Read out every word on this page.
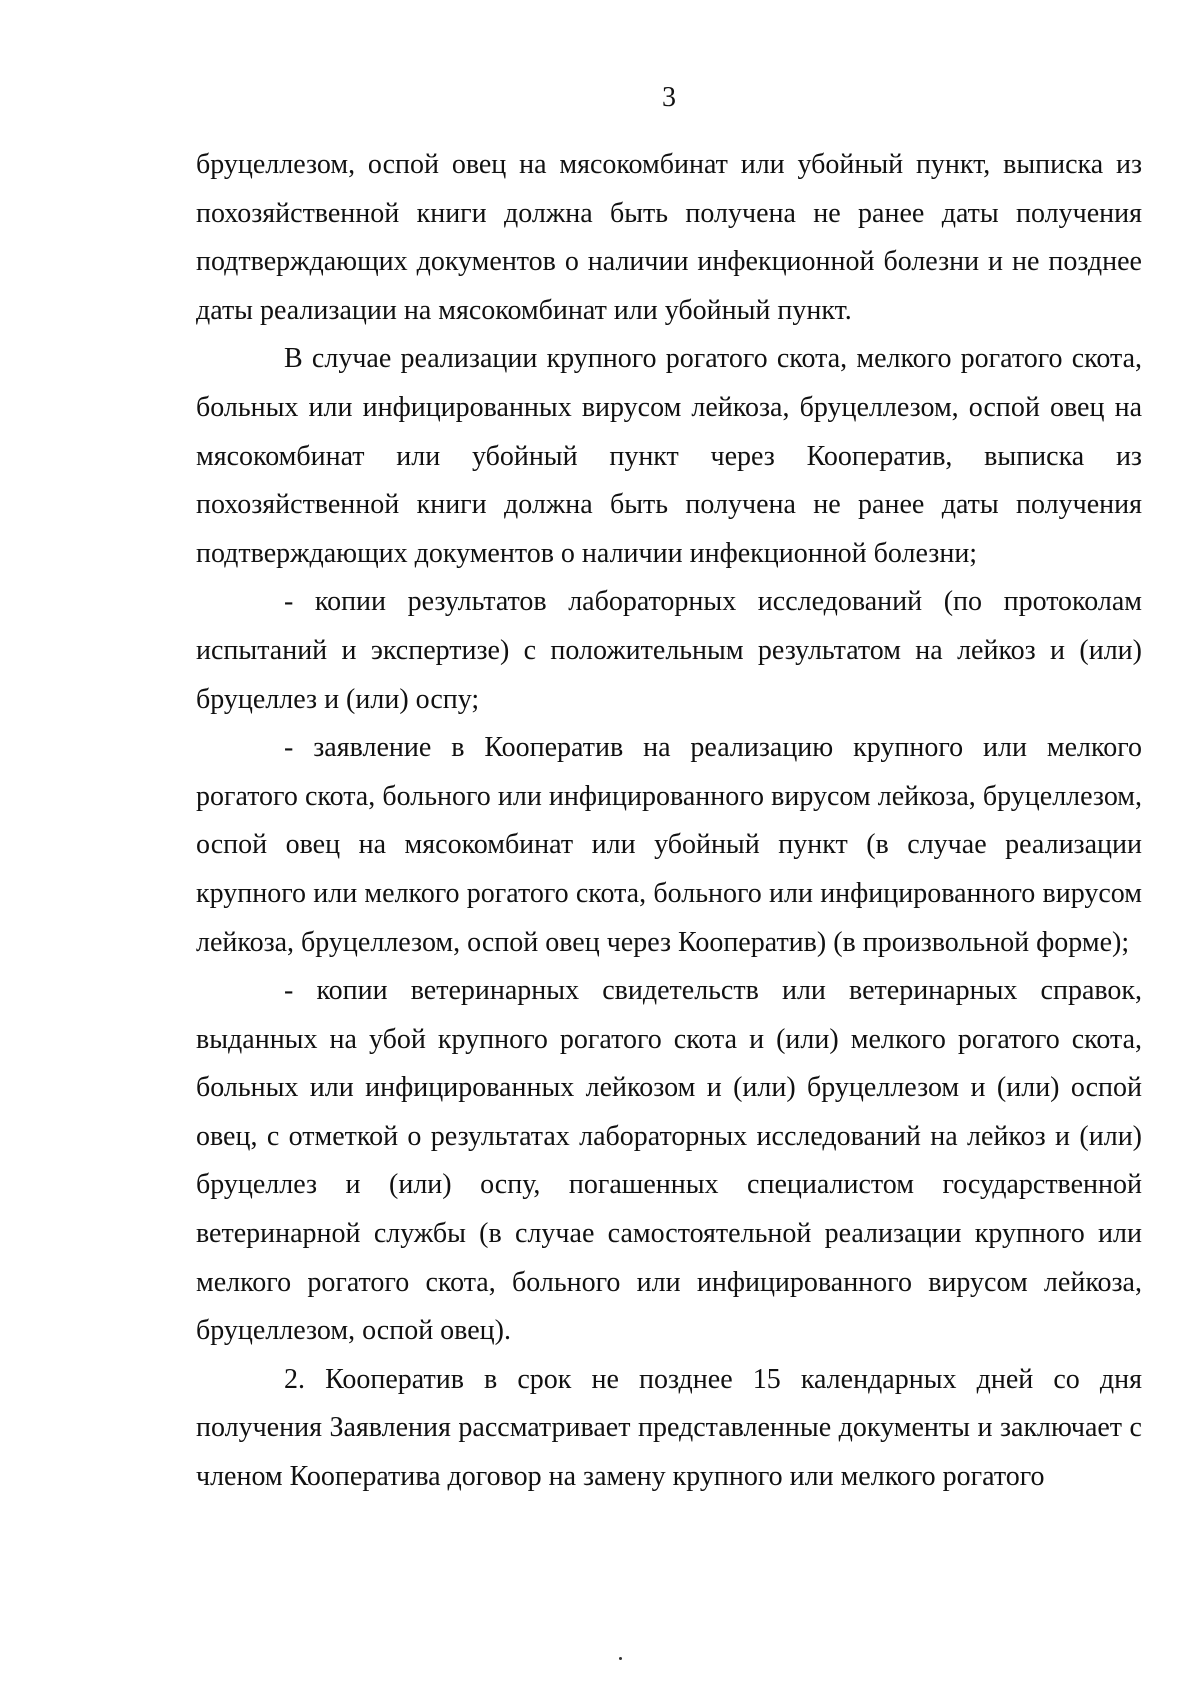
3

бруцеллезом, оспой овец на мясокомбинат или убойный пункт, выписка из похозяйственной книги должна быть получена не ранее даты получения подтверждающих документов о наличии инфекционной болезни и не позднее даты реализации на мясокомбинат или убойный пункт.

В случае реализации крупного рогатого скота, мелкого рогатого скота, больных или инфицированных вирусом лейкоза, бруцеллезом, оспой овец на мясокомбинат или убойный пункт через Кооператив, выписка из похозяйственной книги должна быть получена не ранее даты получения подтверждающих документов о наличии инфекционной болезни;

- копии результатов лабораторных исследований (по протоколам испытаний и экспертизе) с положительным результатом на лейкоз и (или) бруцеллез и (или) оспу;

- заявление в Кооператив на реализацию крупного или мелкого рогатого скота, больного или инфицированного вирусом лейкоза, бруцеллезом, оспой овец на мясокомбинат или убойный пункт (в случае реализации крупного или мелкого рогатого скота, больного или инфицированного вирусом лейкоза, бруцеллезом, оспой овец через Кооператив) (в произвольной форме);

- копии ветеринарных свидетельств или ветеринарных справок, выданных на убой крупного рогатого скота и (или) мелкого рогатого скота, больных или инфицированных лейкозом и (или) бруцеллезом и (или) оспой овец, с отметкой о результатах лабораторных исследований на лейкоз и (или) бруцеллез и (или) оспу, погашенных специалистом государственной ветеринарной службы (в случае самостоятельной реализации крупного или мелкого рогатого скота, больного или инфицированного вирусом лейкоза, бруцеллезом, оспой овец).

2. Кооператив в срок не позднее 15 календарных дней со дня получения Заявления рассматривает представленные документы и заключает с членом Кооператива договор на замену крупного или мелкого рогатого
